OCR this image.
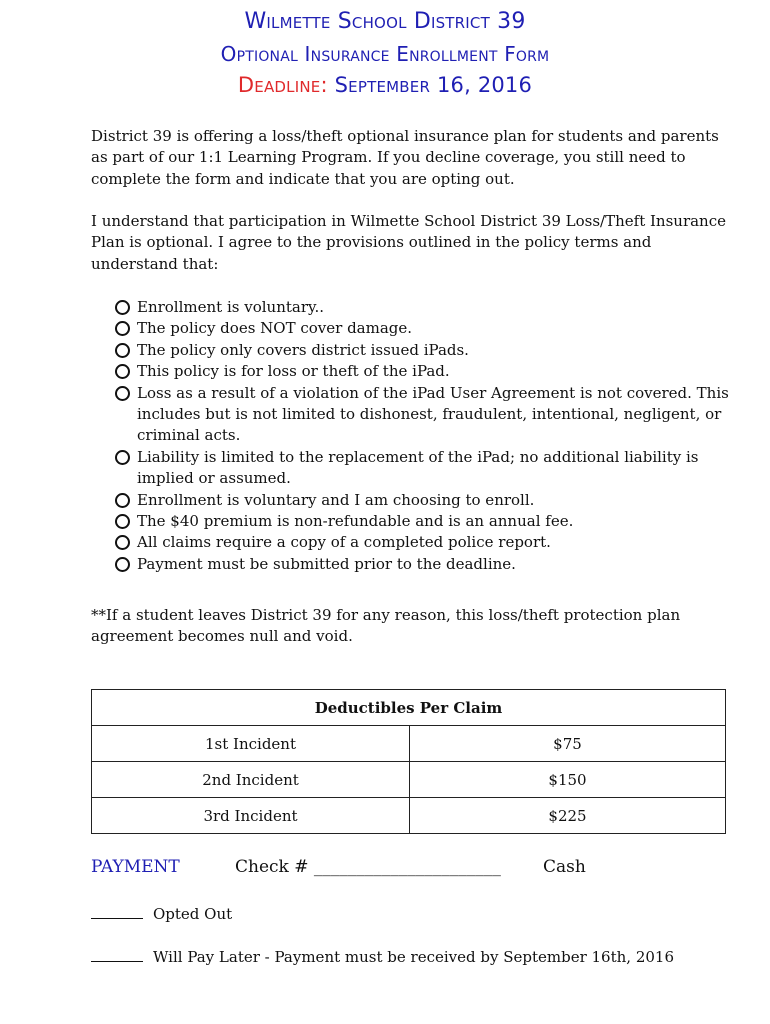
Wilmette School District 39
Optional Insurance Enrollment Form
Deadline: September 16, 2016

District 39 is offering a loss/theft optional insurance plan for students and parents as part of our 1:1 Learning Program. If you decline coverage, you still need to complete the form and indicate that you are opting out.

I understand that participation in Wilmette School District 39 Loss/Theft Insurance Plan is optional. I agree to the provisions outlined in the policy terms and understand that:

Enrollment is voluntary..
The policy does NOT cover damage.
The policy only covers district issued iPads.
This policy is for loss or theft of the iPad.
Loss as a result of a violation of the iPad User Agreement is not covered. This includes but is not limited to dishonest, fraudulent, intentional, negligent, or criminal acts.
Liability is limited to the replacement of the iPad; no additional liability is implied or assumed.
Enrollment is voluntary and I am choosing to enroll.
The $40 premium is non-refundable and is an annual fee.
All claims require a copy of a completed police report.
Payment must be submitted prior to the deadline.

**If a student leaves District 39 for any reason, this loss/theft protection plan agreement becomes null and void.

Deductibles Per Claim	
1st Incident	$75
2nd Incident	$150
3rd Incident	$225
PAYMENT	Check # ______________________ Cash
Opted Out
Will Pay Later - Payment must be received by September 16th, 2016
